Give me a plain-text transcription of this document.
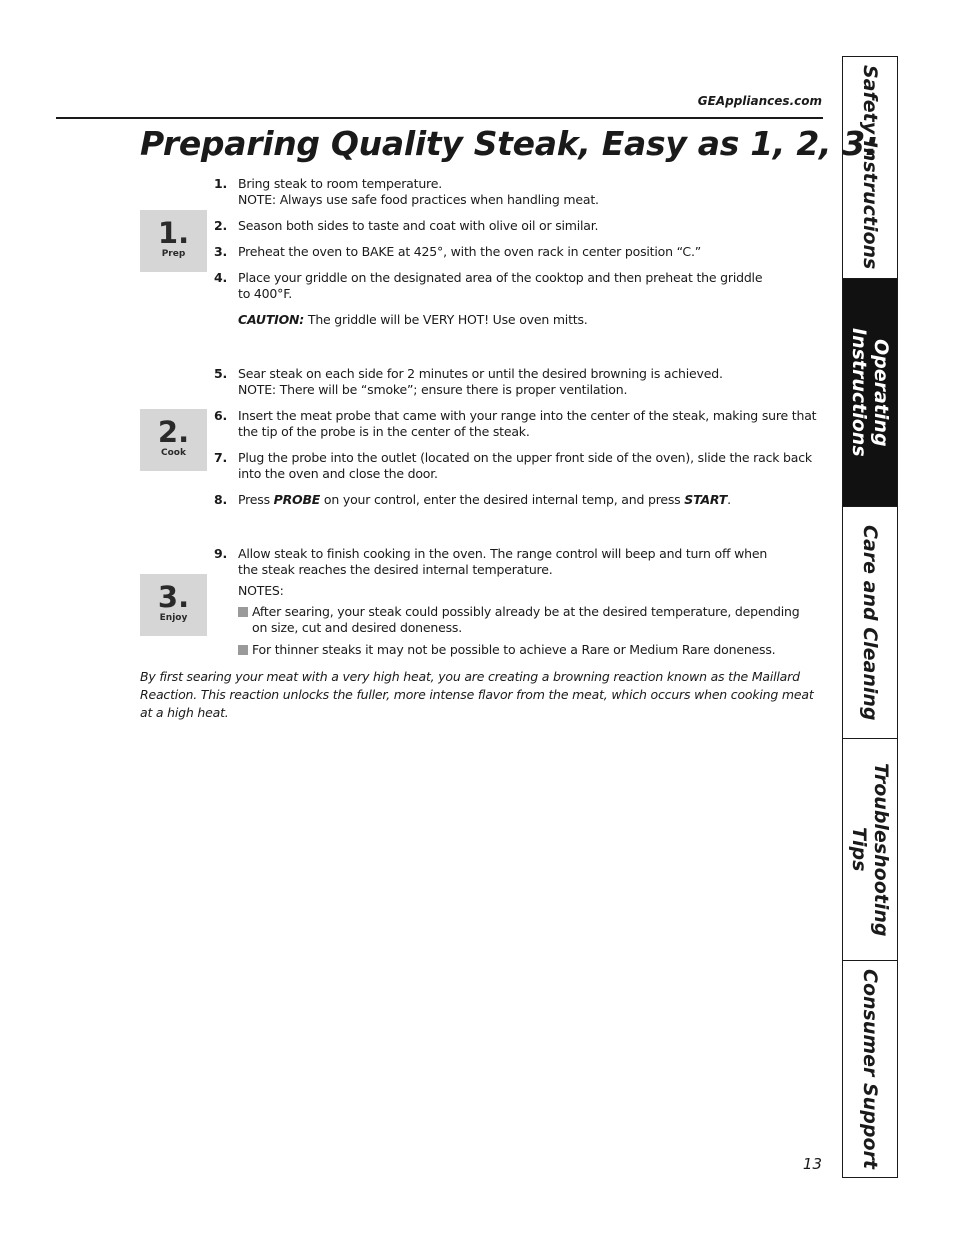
GEAppliances.com
Preparing Quality Steak, Easy as 1, 2, 3:
1.
Prep
2.
Cook
3.
Enjoy
1. Bring steak to room temperature.
NOTE: Always use safe food practices when handling meat.
2. Season both sides to taste and coat with olive oil or similar.
3. Preheat the oven to BAKE at 425°, with the oven rack in center position “C.”
4. Place your griddle on the designated area of the cooktop and then preheat the griddle
to 400°F.
CAUTION: The griddle will be VERY HOT! Use oven mitts.
5. Sear steak on each side for 2 minutes or until the desired browning is achieved.
NOTE: There will be “smoke”; ensure there is proper ventilation.
6. Insert the meat probe that came with your range into the center of the steak, making sure that the tip of the probe is in the center of the steak.
7. Plug the probe into the outlet (located on the upper front side of the oven), slide the rack back into the oven and close the door.
8. Press PROBE on your control, enter the desired internal temp, and press START.
9. Allow steak to finish cooking in the oven. The range control will beep and turn off when
the steak reaches the desired internal temperature.
NOTES:
After searing, your steak could possibly already be at the desired temperature, depending on size, cut and desired doneness.
For thinner steaks it may not be possible to achieve a Rare or Medium Rare doneness.
By first searing your meat with a very high heat, you are creating a browning reaction known as the Maillard Reaction. This reaction unlocks the fuller, more intense flavor from the meat, which occurs when cooking meat at a high heat.
13
Safety Instructions
Operating
Instructions
Care and Cleaning
Troubleshooting Tips
Consumer Support
